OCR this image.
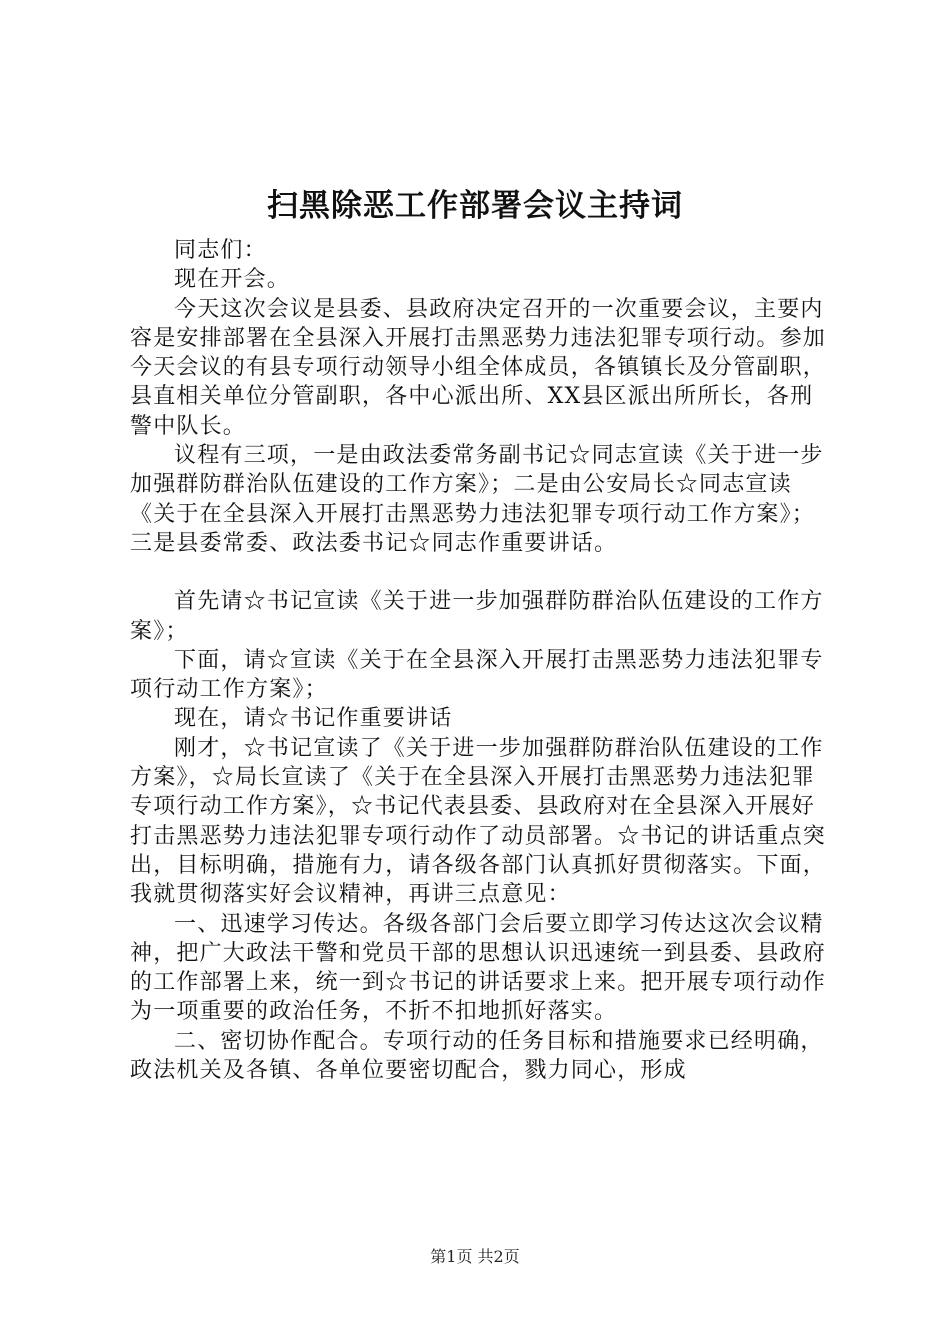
扫黑除恶工作部署会议主持词

同志们：

现在开会。

今天这次会议是县委、县政府决定召开的一次重要会议，主要内容是安排部署在全县深入开展打击黑恶势力违法犯罪专项行动。参加今天会议的有县专项行动领导小组全体成员，各镇镇长及分管副职，县直相关单位分管副职，各中心派出所、XX县区派出所所长，各刑警中队长。

议程有三项，一是由政法委常务副书记☆同志宣读《关于进一步加强群防群治队伍建设的工作方案》；二是由公安局长☆同志宣读《关于在全县深入开展打击黑恶势力违法犯罪专项行动工作方案》；三是县委常委、政法委书记☆同志作重要讲话。

首先请☆书记宣读《关于进一步加强群防群治队伍建设的工作方案》；

下面，请☆宣读《关于在全县深入开展打击黑恶势力违法犯罪专项行动工作方案》；

现在，请☆书记作重要讲话

刚才，☆书记宣读了《关于进一步加强群防群治队伍建设的工作方案》，☆局长宣读了《关于在全县深入开展打击黑恶势力违法犯罪专项行动工作方案》，☆书记代表县委、县政府对在全县深入开展好打击黑恶势力违法犯罪专项行动作了动员部署。☆书记的讲话重点突出，目标明确，措施有力，请各级各部门认真抓好贯彻落实。下面，我就贯彻落实好会议精神，再讲三点意见：

一、迅速学习传达。各级各部门会后要立即学习传达这次会议精神，把广大政法干警和党员干部的思想认识迅速统一到县委、县政府的工作部署上来，统一到☆书记的讲话要求上来。把开展专项行动作为一项重要的政治任务，不折不扣地抓好落实。

二、密切协作配合。专项行动的任务目标和措施要求已经明确，政法机关及各镇、各单位要密切配合，戮力同心，形成

第1页 共2页
